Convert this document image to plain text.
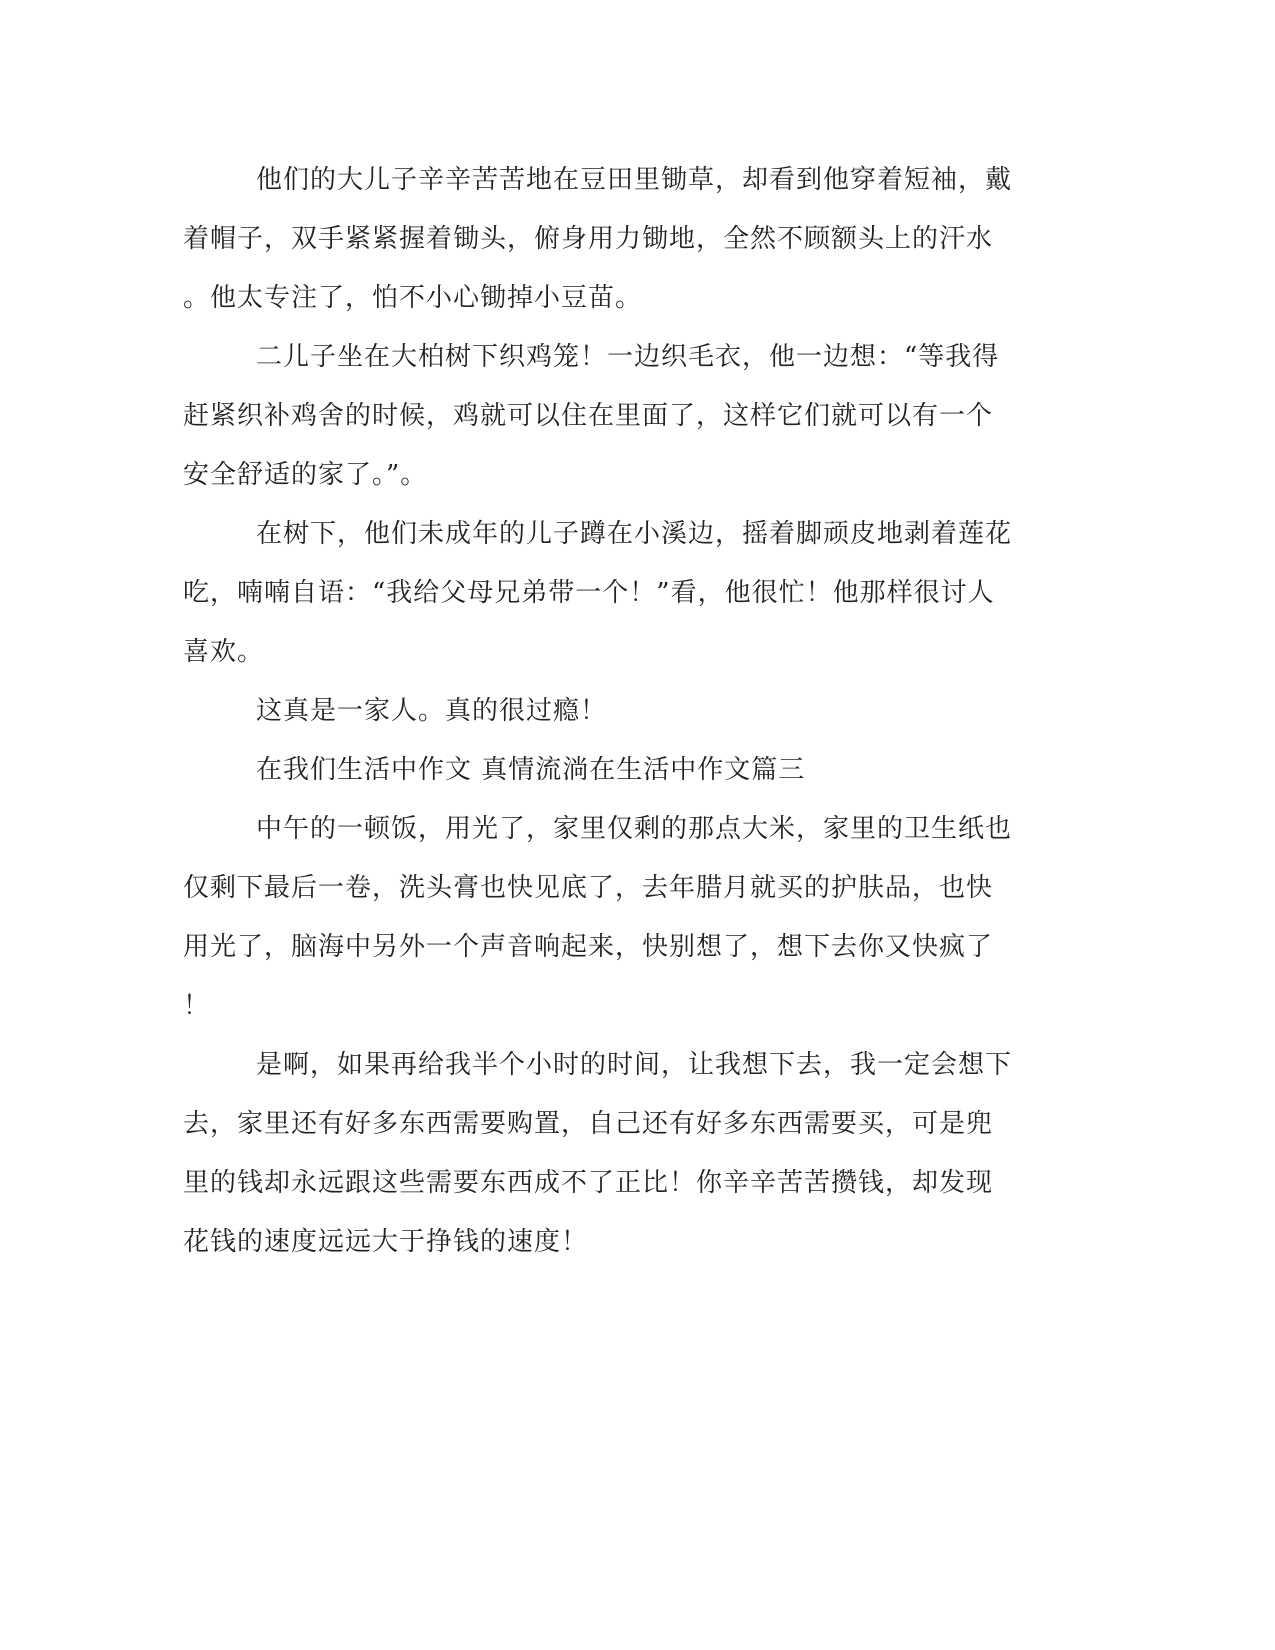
他们的大儿子辛辛苦苦地在豆田里锄草，却看到他穿着短袖，戴

着帽子，双手紧紧握着锄头，俯身用力锄地，全然不顾额头上的汗水

。他太专注了，怕不小心锄掉小豆苗。

二儿子坐在大柏树下织鸡笼！一边织毛衣，他一边想：“等我得

赶紧织补鸡舍的时候，鸡就可以住在里面了，这样它们就可以有一个

安全舒适的家了。”。

在树下，他们未成年的儿子蹲在小溪边，摇着脚顽皮地剥着莲花

吃，喃喃自语：“我给父母兄弟带一个！”看，他很忙！他那样很讨人

喜欢。

这真是一家人。真的很过瘾！

在我们生活中作文 真情流淌在生活中作文篇三

中午的一顿饭，用光了，家里仅剩的那点大米，家里的卫生纸也

仅剩下最后一卷，洗头膏也快见底了，去年腊月就买的护肤品，也快

用光了，脑海中另外一个声音响起来，快别想了，想下去你又快疯了

！

是啊，如果再给我半个小时的时间，让我想下去，我一定会想下

去，家里还有好多东西需要购置，自己还有好多东西需要买，可是兜

里的钱却永远跟这些需要东西成不了正比！你辛辛苦苦攒钱，却发现

花钱的速度远远大于挣钱的速度！
